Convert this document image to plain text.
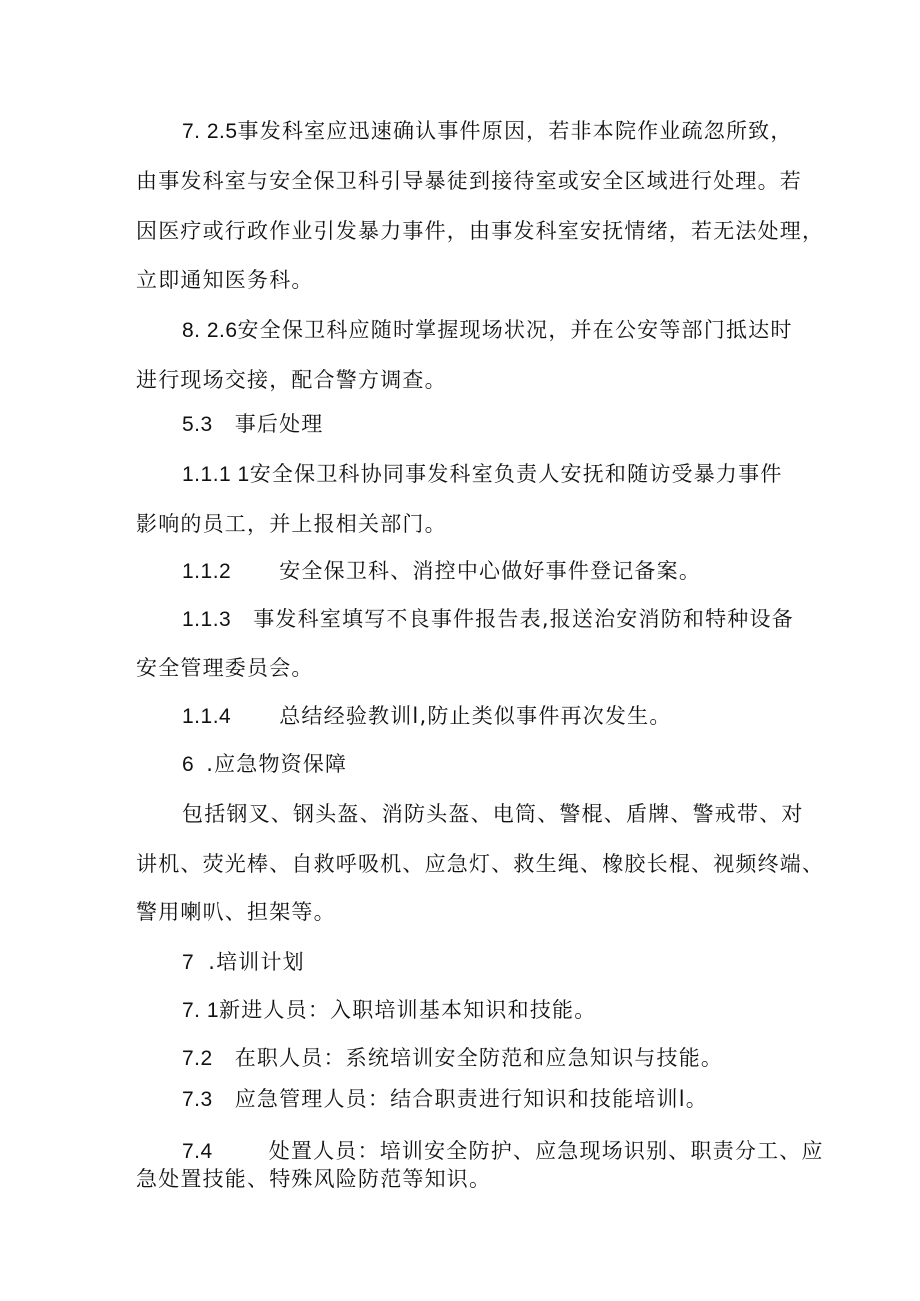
7. 2.5事发科室应迅速确认事件原因，若非本院作业疏忽所致，
由事发科室与安全保卫科引导暴徒到接待室或安全区域进行处理。若
因医疗或行政作业引发暴力事件，由事发科室安抚情绪，若无法处理，
立即通知医务科。
8. 2.6安全保卫科应随时掌握现场状况，并在公安等部门抵达时
进行现场交接，配合警方调查。
5.3 事后处理
1.1.1 1安全保卫科协同事发科室负责人安抚和随访受暴力事件
影响的员工，并上报相关部门。
1.1.2 安全保卫科、消控中心做好事件登记备案。
1.1.3 事发科室填写不良事件报告表,报送治安消防和特种设备
安全管理委员会。
1.1.4 总结经验教训l,防止类似事件再次发生。
6 .应急物资保障
包括钢叉、钢头盔、消防头盔、电筒、警棍、盾牌、警戒带、对
讲机、荧光棒、自救呼吸机、应急灯、救生绳、橡胶长棍、视频终端、
警用喇叭、担架等。
7 .培训计划
7. 1新进人员：入职培训基本知识和技能。
7.2 在职人员：系统培训安全防范和应急知识与技能。
7.3 应急管理人员：结合职责进行知识和技能培训l。
7.4	处置人员：培训安全防护、应急现场识别、职责分工、应
急处置技能、特殊风险防范等知识。
